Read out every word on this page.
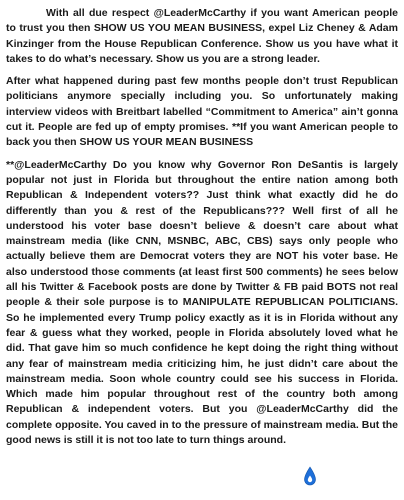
With all due respect @LeaderMcCarthy if you want American people to trust you then SHOW US YOU MEAN BUSINESS, expel Liz Cheney & Adam Kinzinger from the House Republican Conference. Show us you have what it takes to do what’s necessary. Show us you are a strong leader.

After what happened during past few months people don’t trust Republican politicians anymore specially including you. So unfortunately making interview videos with Breitbart labelled “Commitment to America” ain’t gonna cut it. People are fed up of empty promises. **If you want American people to back you then SHOW US YOUR MEAN BUSINESS

**@LeaderMcCarthy Do you know why Governor Ron DeSantis is largely popular not just in Florida but throughout the entire nation among both Republican & Independent voters?? Just think what exactly did he do differently than you & rest of the Republicans??? Well first of all he understood his voter base doesn’t believe & doesn’t care about what mainstream media (like CNN, MSNBC, ABC, CBS) says only people who actually believe them are Democrat voters they are NOT his voter base. He also understood those comments (at least first 500 comments) he sees below all his Twitter & Facebook posts are done by Twitter & FB paid BOTS not real people & their sole purpose is to MANIPULATE REPUBLICAN POLITICIANS. So he implemented every Trump policy exactly as it is in Florida without any fear & guess what they worked, people in Florida absolutely loved what he did. That gave him so much confidence he kept doing the right thing without any fear of mainstream media criticizing him, he just didn’t care about the mainstream media. Soon whole country could see his success in Florida. Which made him popular throughout rest of the country both among Republican & independent voters. But you @LeaderMcCarthy did the complete opposite. You caved in to the pressure of mainstream media. But the good news is still it is not too late to turn things around.
